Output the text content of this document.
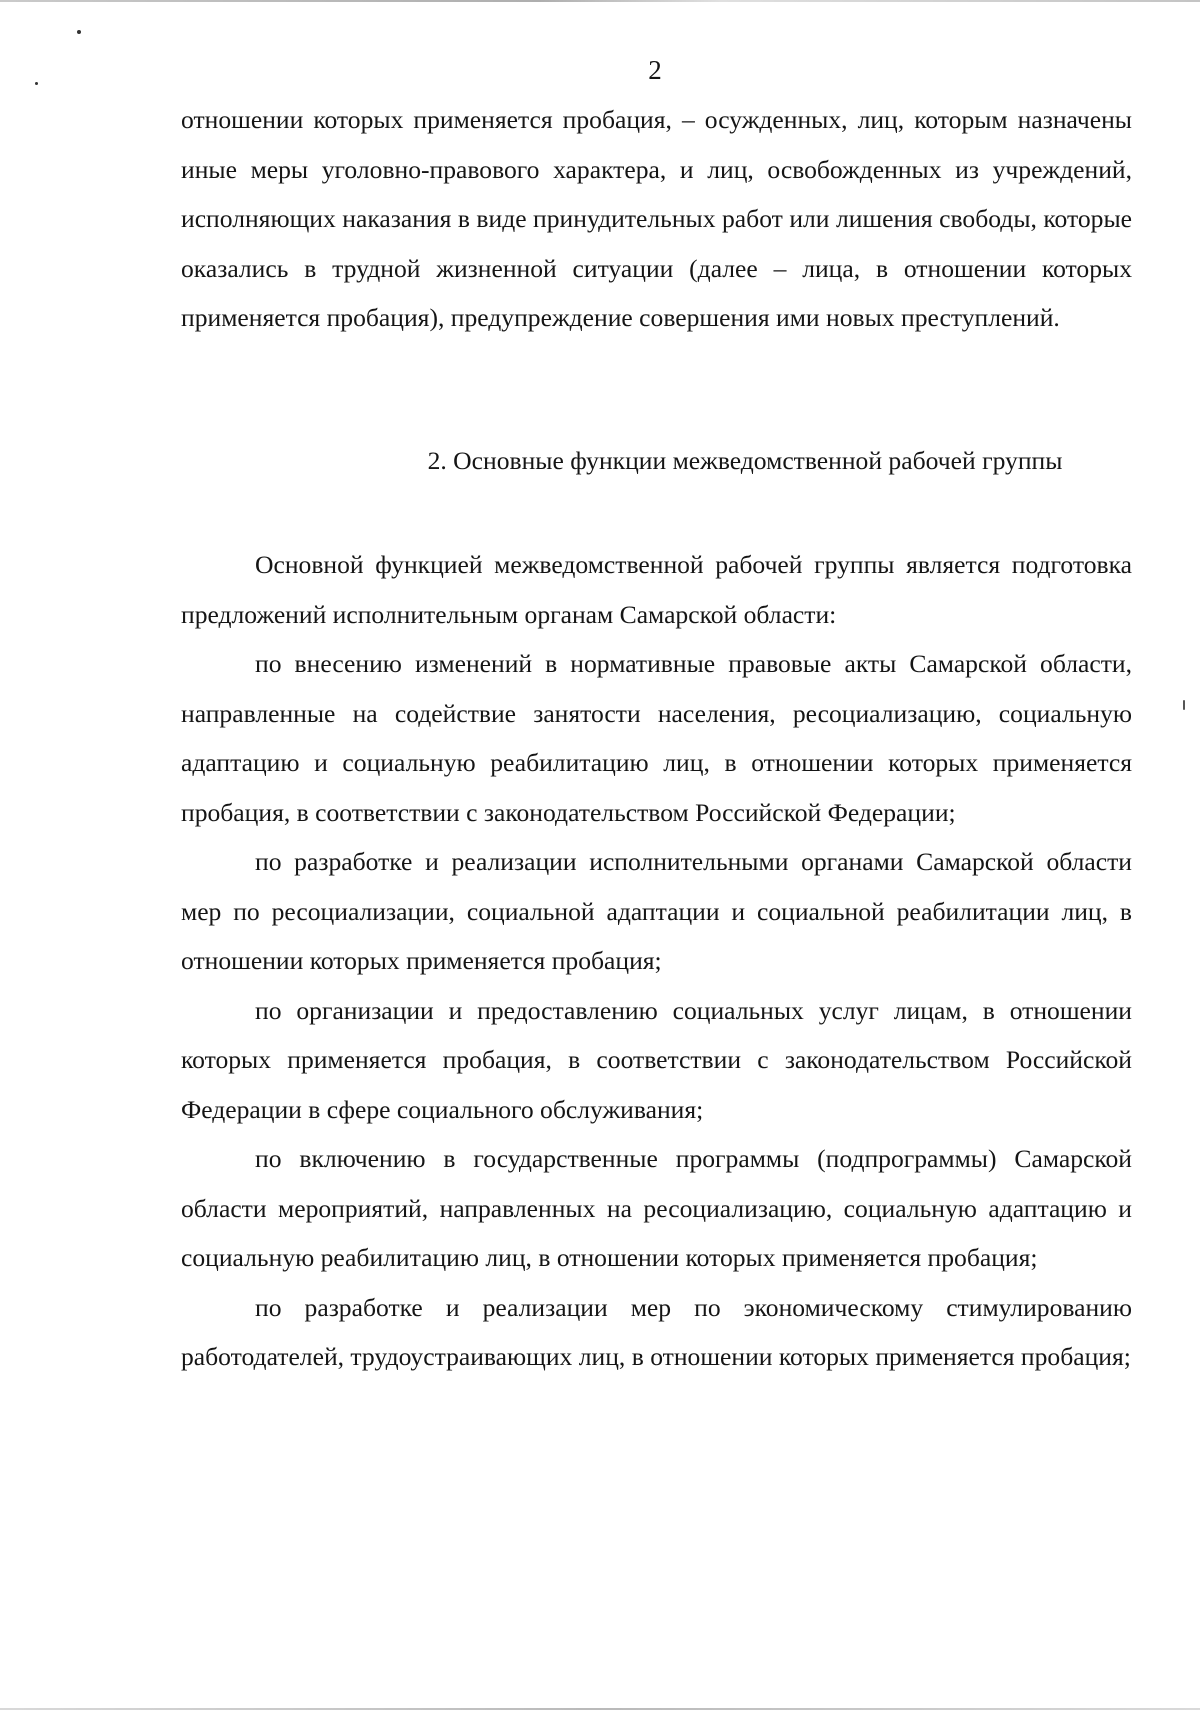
2

отношении которых применяется пробация, – осужденных, лиц, которым назначены иные меры уголовно-правового характера, и лиц, освобожденных из учреждений, исполняющих наказания в виде принудительных работ или лишения свободы, которые оказались в трудной жизненной ситуации (далее – лица, в отношении которых применяется пробация), предупреждение совершения ими новых преступлений.

2. Основные функции межведомственной рабочей группы

Основной функцией межведомственной рабочей группы является подготовка предложений исполнительным органам Самарской области:

по внесению изменений в нормативные правовые акты Самарской области, направленные на содействие занятости населения, ресоциализацию, социальную адаптацию и социальную реабилитацию лиц, в отношении которых применяется пробация, в соответствии с законодательством Российской Федерации;

по разработке и реализации исполнительными органами Самарской области мер по ресоциализации, социальной адаптации и социальной реабилитации лиц, в отношении которых применяется пробация;

по организации и предоставлению социальных услуг лицам, в отношении которых применяется пробация, в соответствии с законодательством Российской Федерации в сфере социального обслуживания;

по включению в государственные программы (подпрограммы) Самарской области мероприятий, направленных на ресоциализацию, социальную адаптацию и социальную реабилитацию лиц, в отношении которых применяется пробация;

по разработке и реализации мер по экономическому стимулированию работодателей, трудоустраивающих лиц, в отношении которых применяется пробация;
